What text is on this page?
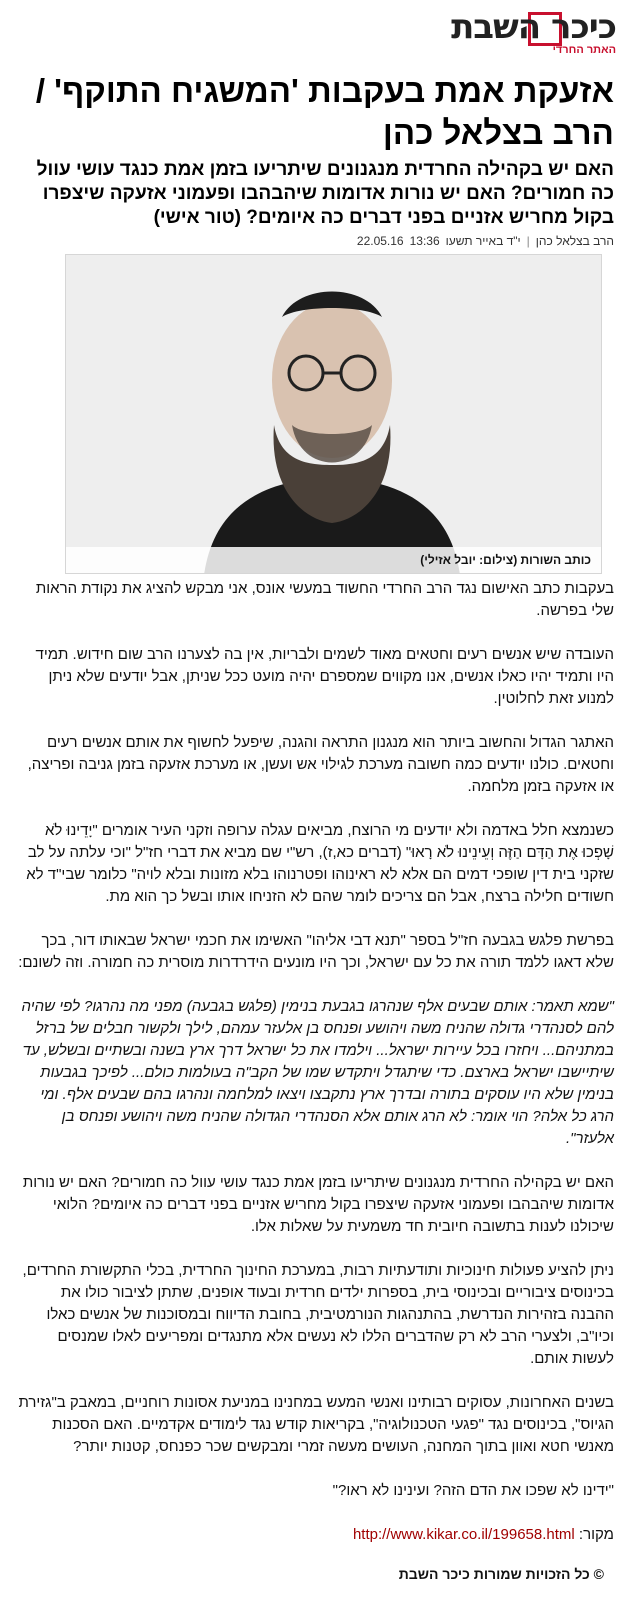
כיכר השבת
האתר החרדי
אזעקת אמת בעקבות 'המשגיח התוקף' / הרב בצלאל כהן

האם יש בקהילה החרדית מנגנונים שיתריעו בזמן אמת כנגד עושי עוול כה חמורים? האם יש נורות אדומות שיהבהבו ופעמוני אזעקה שיצפרו בקול מחריש אזניים בפני דברים כה איומים? (טור אישי)

הרב בצלאל כהן
|
י"ד באייר תשעו
13:36
22.05.16
כותב השורות (צילום: יובל אזילי)

בעקבות כתב האישום נגד הרב החרדי החשוד במעשי אונס, אני מבקש להציג את נקודת הראות שלי בפרשה.

העובדה שיש אנשים רעים וחטאים מאוד לשמים ולבריות, אין בה לצערנו הרב שום חידוש. תמיד היו ותמיד יהיו כאלו אנשים, אנו מקווים שמספרם יהיה מועט ככל שניתן, אבל יודעים שלא ניתן למנוע זאת לחלוטין.

האתגר הגדול והחשוב ביותר הוא מנגנון התראה והגנה, שיפעל לחשוף את אותם אנשים רעים וחטאים. כולנו יודעים כמה חשובה מערכת לגילוי אש ועשן, או מערכת אזעקה בזמן גניבה ופריצה, או אזעקה בזמן מלחמה.

כשנמצא חלל באדמה ולא יודעים מי הרוצח, מביאים עגלה ערופה וזקני העיר אומרים "יָדֵינוּ לֹא שָׁפְכוּ אֶת הַדָּם הַזֶּה וְעֵינֵינוּ לֹא רָאוּ" (דברים כא,ז), רש"י שם מביא את דברי חז"ל "וכי עלתה על לב שזקני בית דין שופכי דמים הם אלא לא ראינוהו ופטרנוהו בלא מזונות ובלא לויה" כלומר שבי"ד לא חשודים חלילה ברצח, אבל הם צריכים לומר שהם לא הזניחו אותו ובשל כך הוא מת.

בפרשת פלגש בגבעה חז"ל בספר "תנא דבי אליהו" האשימו את חכמי ישראל שבאותו דור, בכך שלא דאגו ללמד תורה את כל עם ישראל, וכך היו מונעים הידרדרות מוסרית כה חמורה. וזה לשונם:

"שמא תאמר: אותם שבעים אלף שנהרגו בגבעת בנימין (פלגש בגבעה) מפני מה נהרגו? לפי שהיה להם לסנהדרי גדולה שהניח משה ויהושע ופנחס בן אלעזר עמהם, לילך ולקשור חבלים של ברזל במתניהם... ויחזרו בכל עיירות ישראל... וילמדו את כל ישראל דרך ארץ בשנה ובשתיים ובשלש, עד שיתיישבו ישראל בארצם. כדי שיתגדל ויתקדש שמו של הקב"ה בעולמות כולם... לפיכך בגבעות בנימין שלא היו עוסקים בתורה ובדרך ארץ נתקבצו ויצאו למלחמה ונהרגו בהם שבעים אלף. ומי הרג כל אלה? הוי אומר: לא הרג אותם אלא הסנהדרי הגדולה שהניח משה ויהושע ופנחס בן אלעזר".

האם יש בקהילה החרדית מנגנונים שיתריעו בזמן אמת כנגד עושי עוול כה חמורים? האם יש נורות אדומות שיהבהבו ופעמוני אזעקה שיצפרו בקול מחריש אזניים בפני דברים כה איומים? הלואי שיכולנו לענות בתשובה חיובית חד משמעית על שאלות אלו.

ניתן להציע פעולות חינוכיות ותודעתיות רבות, במערכת החינוך החרדית, בכלי התקשורת החרדים, בכינוסים ציבוריים ובכינוסי בית, בספרות ילדים חרדית ובעוד אופנים, שתתן לציבור כולו את ההבנה בזהירות הנדרשת, בהתנהגות הנורמטיבית, בחובת הדיווח ובמסוכנות של אנשים כאלו וכיו"ב, ולצערי הרב לא רק שהדברים הללו לא נעשים אלא מתנגדים ומפריעים לאלו שמנסים לעשות אותם.

בשנים האחרונות, עסוקים רבותינו ואנשי המעש במחנינו במניעת אסונות רוחניים, במאבק ב"גזירת הגיוס", בכינוסים נגד "פגעי הטכנולוגיה", בקריאות קודש נגד לימודים אקדמיים. האם הסכנות מאנשי חטא ואוון בתוך המחנה, העושים מעשה זמרי ומבקשים שכר כפנחס, קטנות יותר?

"ידינו לא שפכו את הדם הזה? ועינינו לא ראו?"

מקור: http://www.kikar.co.il/199658.html

© כל הזכויות שמורות כיכר השבת
